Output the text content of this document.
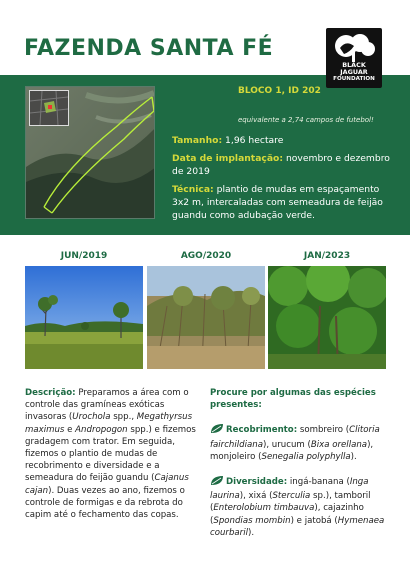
FAZENDA SANTA FÉ
BLACK
JAGUAR
FOUNDATION
BLOCO 1, ID 202
equivalente a 2,74 campos de futebol!
Tamanho: 1,96 hectare
Data de implantação: novembro e dezembro de 2019
Técnica: plantio de mudas em espaçamento 3x2 m, intercaladas com semeadura de feijão guandu como adubação verde.
JUN/2019	AGO/2020	JAN/2023
Descrição: Preparamos a área com o controle das gramíneas exóticas invasoras (Urochola spp., Megathyrsus maximus e Andropogon spp.) e fizemos gradagem com trator. Em seguida, fizemos o plantio de mudas de recobrimento e diversidade e a semeadura do feijão guandu (Cajanus cajan). Duas vezes ao ano, fizemos o controle de formigas e da rebrota do capim até o fechamento das copas.
Procure por algumas das espécies presentes:
Recobrimento: sombreiro (Clitoria fairchildiana), urucum (Bixa orellana), monjoleiro (Senegalia polyphylla).
Diversidade: ingá-banana (Inga laurina), xixá (Sterculia sp.), tamboril (Enterolobium timbauva), cajazinho (Spondias mombin) e jatobá (Hymenaea courbaril).
